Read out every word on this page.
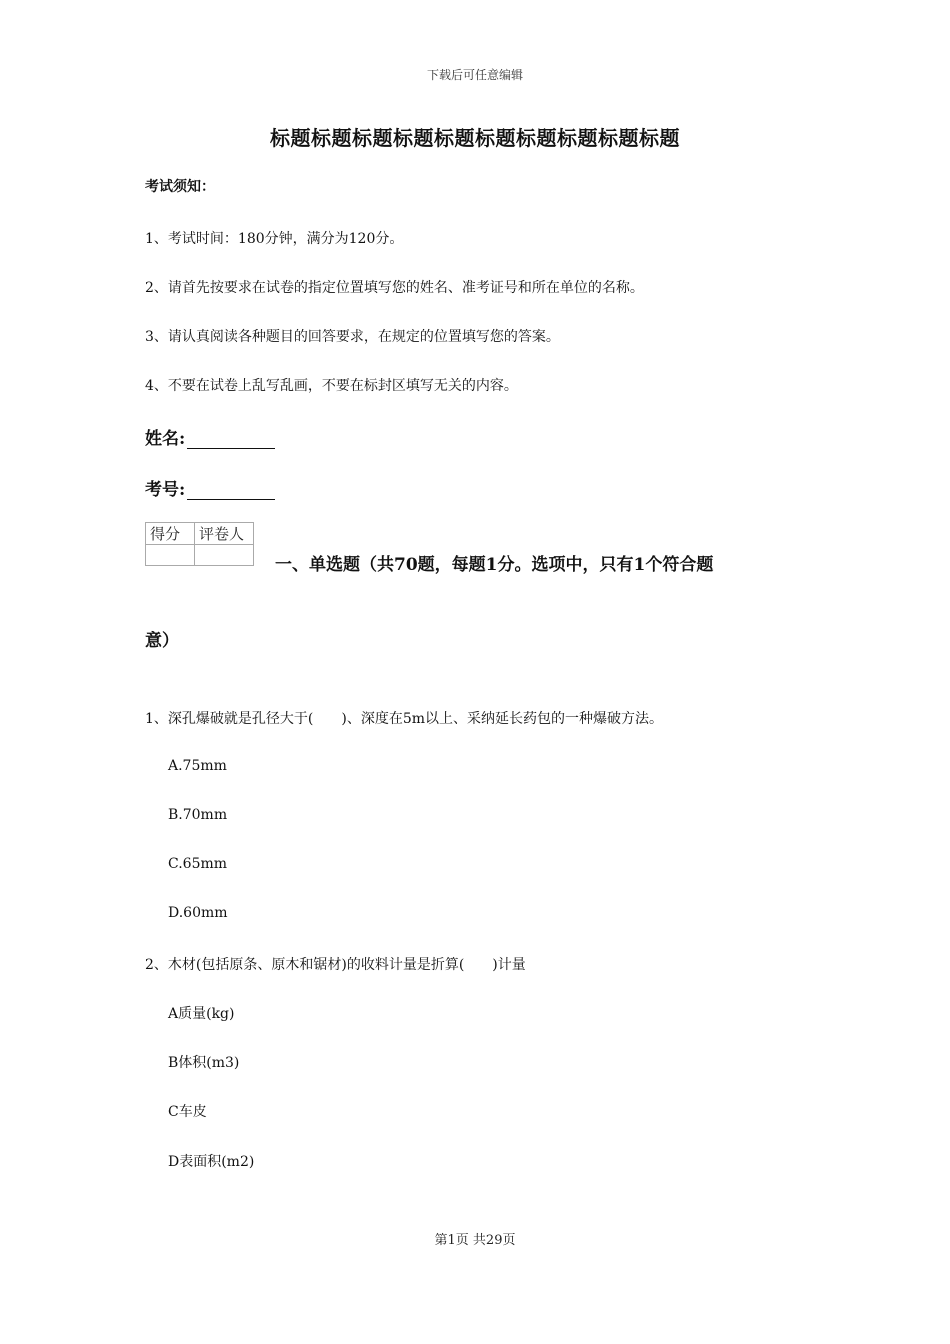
下载后可任意编辑
标题标题标题标题标题标题标题标题标题标题
考试须知：
1、考试时间：180分钟，满分为120分。
2、请首先按要求在试卷的指定位置填写您的姓名、准考证号和所在单位的名称。
3、请认真阅读各种题目的回答要求，在规定的位置填写您的答案。
4、不要在试卷上乱写乱画，不要在标封区填写无关的内容。
姓名:
考号:
得分	评卷人

一、单选题（共70题，每题1分。选项中，只有1个符合题
意）
1、深孔爆破就是孔径大于(　　)、深度在5m以上、采纳延长药包的一种爆破方法。
A.75mm
B.70mm
C.65mm
D.60mm
2、木材(包括原条、原木和锯材)的收料计量是折算(　　)计量
A质量(kg)
B体积(m3)
C车皮
D表面积(m2)
第1页 共29页
